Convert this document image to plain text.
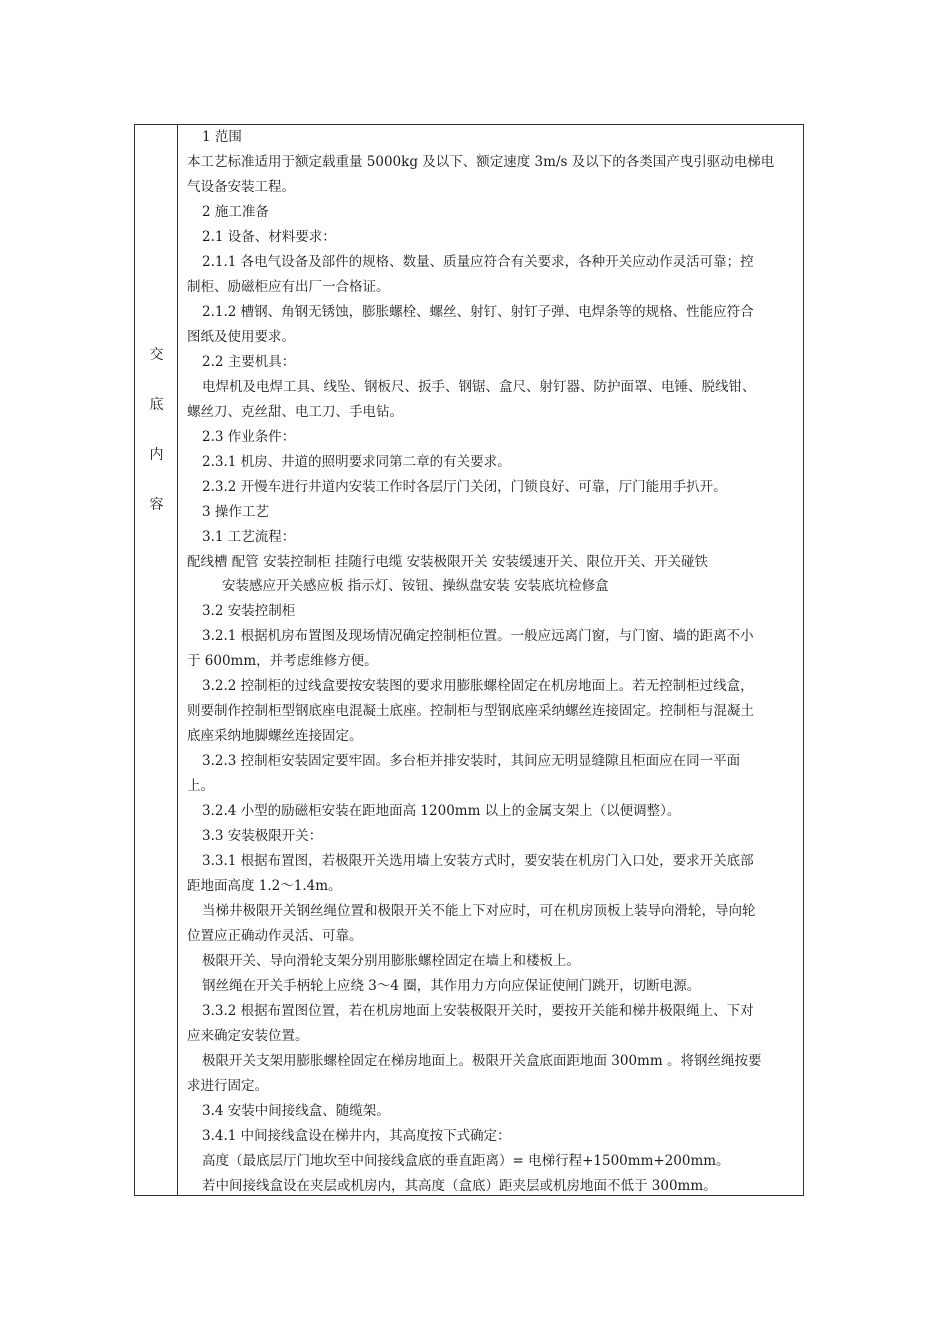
交
底
内
容
1 范围
本工艺标准适用于额定载重量 5000kg 及以下、额定速度 3m/s 及以下的各类国产曳引驱动电梯电
气设备安装工程。
2 施工准备
2.1 设备、材料要求：
2.1.1 各电气设备及部件的规格、数量、质量应符合有关要求，各种开关应动作灵活可靠；控
制柜、励磁柜应有出厂一合格证。
2.1.2 槽钢、角钢无锈蚀，膨胀螺栓、螺丝、射钉、射钉子弹、电焊条等的规格、性能应符合
图纸及使用要求。
2.2 主要机具：
电焊机及电焊工具、线坠、钢板尺、扳手、钢锯、盒尺、射钉器、防护面罩、电锤、脱线钳、
螺丝刀、克丝甜、电工刀、手电钻。
2.3 作业条件：
2.3.1 机房、井道的照明要求同第二章的有关要求。
2.3.2 开慢车进行井道内安装工作时各层厅门关闭，门锁良好、可靠，厅门能用手扒开。
3 操作工艺
3.1 工艺流程：
配线槽 配管 安装控制柜 挂随行电缆 安装极限开关 安装缓速开关、限位开关、开关碰铁
安装感应开关感应板 指示灯、铵钮、操纵盘安装 安装底坑检修盒
3.2 安装控制柜
3.2.1 根据机房布置图及现场情况确定控制柜位置。一般应远离门窗，与门窗、墙的距离不小
于 600mm，并考虑维修方便。
3.2.2 控制柜的过线盒要按安装图的要求用膨胀螺栓固定在机房地面上。若无控制柜过线盒，
则要制作控制柜型钢底座电混凝土底座。控制柜与型钢底座采纳螺丝连接固定。控制柜与混凝土
底座采纳地脚螺丝连接固定。
3.2.3 控制柜安装固定要牢固。多台柜并排安装时，其间应无明显缝隙且柜面应在同一平面
上。
3.2.4 小型的励磁柜安装在距地面高 1200mm 以上的金属支架上（以便调整）。
3.3 安装极限开关：
3.3.1 根据布置图，若极限开关选用墙上安装方式时，要安装在机房门入口处，要求开关底部
距地面高度 1.2～1.4m。
当梯井极限开关钢丝绳位置和极限开关不能上下对应时，可在机房顶板上装导向滑轮，导向轮
位置应正确动作灵活、可靠。
极限开关、导向滑轮支架分别用膨胀螺栓固定在墙上和楼板上。
钢丝绳在开关手柄轮上应绕 3～4 圈，其作用力方向应保证使闸门跳开，切断电源。
3.3.2 根据布置图位置，若在机房地面上安装极限开关时，要按开关能和梯井极限绳上、下对
应来确定安装位置。
极限开关支架用膨胀螺栓固定在梯房地面上。极限开关盒底面距地面 300mm 。将钢丝绳按要
求进行固定。
3.4 安装中间接线盒、随缆架。
3.4.1 中间接线盒设在梯井内，其高度按下式确定：
高度（最底层厅门地坎至中间接线盒底的垂直距离）= 电梯行程+1500mm+200mm。
若中间接线盒设在夹层或机房内，其高度（盒底）距夹层或机房地面不低于 300mm。
